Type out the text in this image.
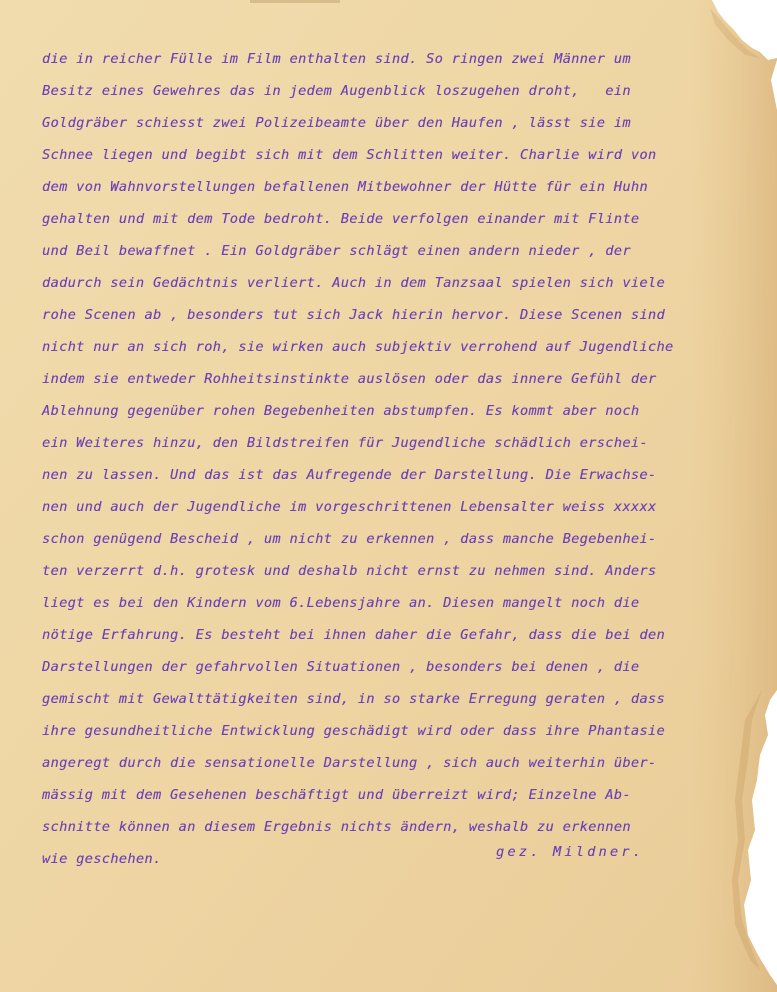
die in reicher Fülle im Film enthalten sind. So ringen zwei Männer um
Besitz eines Gewehres das in jedem Augenblick loszugehen droht,   ein
Goldgräber schiesst zwei Polizeibeamte über den Haufen , lässt sie im
Schnee liegen und begibt sich mit dem Schlitten weiter. Charlie wird von
dem von Wahnvorstellungen befallenen Mitbewohner der Hütte für ein Huhn
gehalten und mit dem Tode bedroht. Beide verfolgen einander mit Flinte
und Beil bewaffnet . Ein Goldgräber schlägt einen andern nieder , der
dadurch sein Gedächtnis verliert. Auch in dem Tanzsaal spielen sich viele
rohe Scenen ab , besonders tut sich Jack hierin hervor. Diese Scenen sind
nicht nur an sich roh, sie wirken auch subjektiv verrohend auf Jugendliche
indem sie entweder Rohheitsinstinkte auslösen oder das innere Gefühl der
Ablehnung gegenüber rohen Begebenheiten abstumpfen. Es kommt aber noch
ein Weiteres hinzu, den Bildstreifen für Jugendliche schädlich erschei-
nen zu lassen. Und das ist das Aufregende der Darstellung. Die Erwachse-
nen und auch der Jugendliche im vorgeschrittenen Lebensalter weiss xxxxx
schon genügend Bescheid , um nicht zu erkennen , dass manche Begebenhei-
ten verzerrt d.h. grotesk und deshalb nicht ernst zu nehmen sind. Anders
liegt es bei den Kindern vom 6.Lebensjahre an. Diesen mangelt noch die
nötige Erfahrung. Es besteht bei ihnen daher die Gefahr, dass die bei den
Darstellungen der gefahrvollen Situationen , besonders bei denen , die
gemischt mit Gewalttätigkeiten sind, in so starke Erregung geraten , dass
ihre gesundheitliche Entwicklung geschädigt wird oder dass ihre Phantasie
angeregt durch die sensationelle Darstellung , sich auch weiterhin über-
mässig mit dem Gesehenen beschäftigt und überreizt wird; Einzelne Ab-
schnitte können an diesem Ergebnis nichts ändern, weshalb zu erkennen
wie geschehen.	gez. Mildner.
